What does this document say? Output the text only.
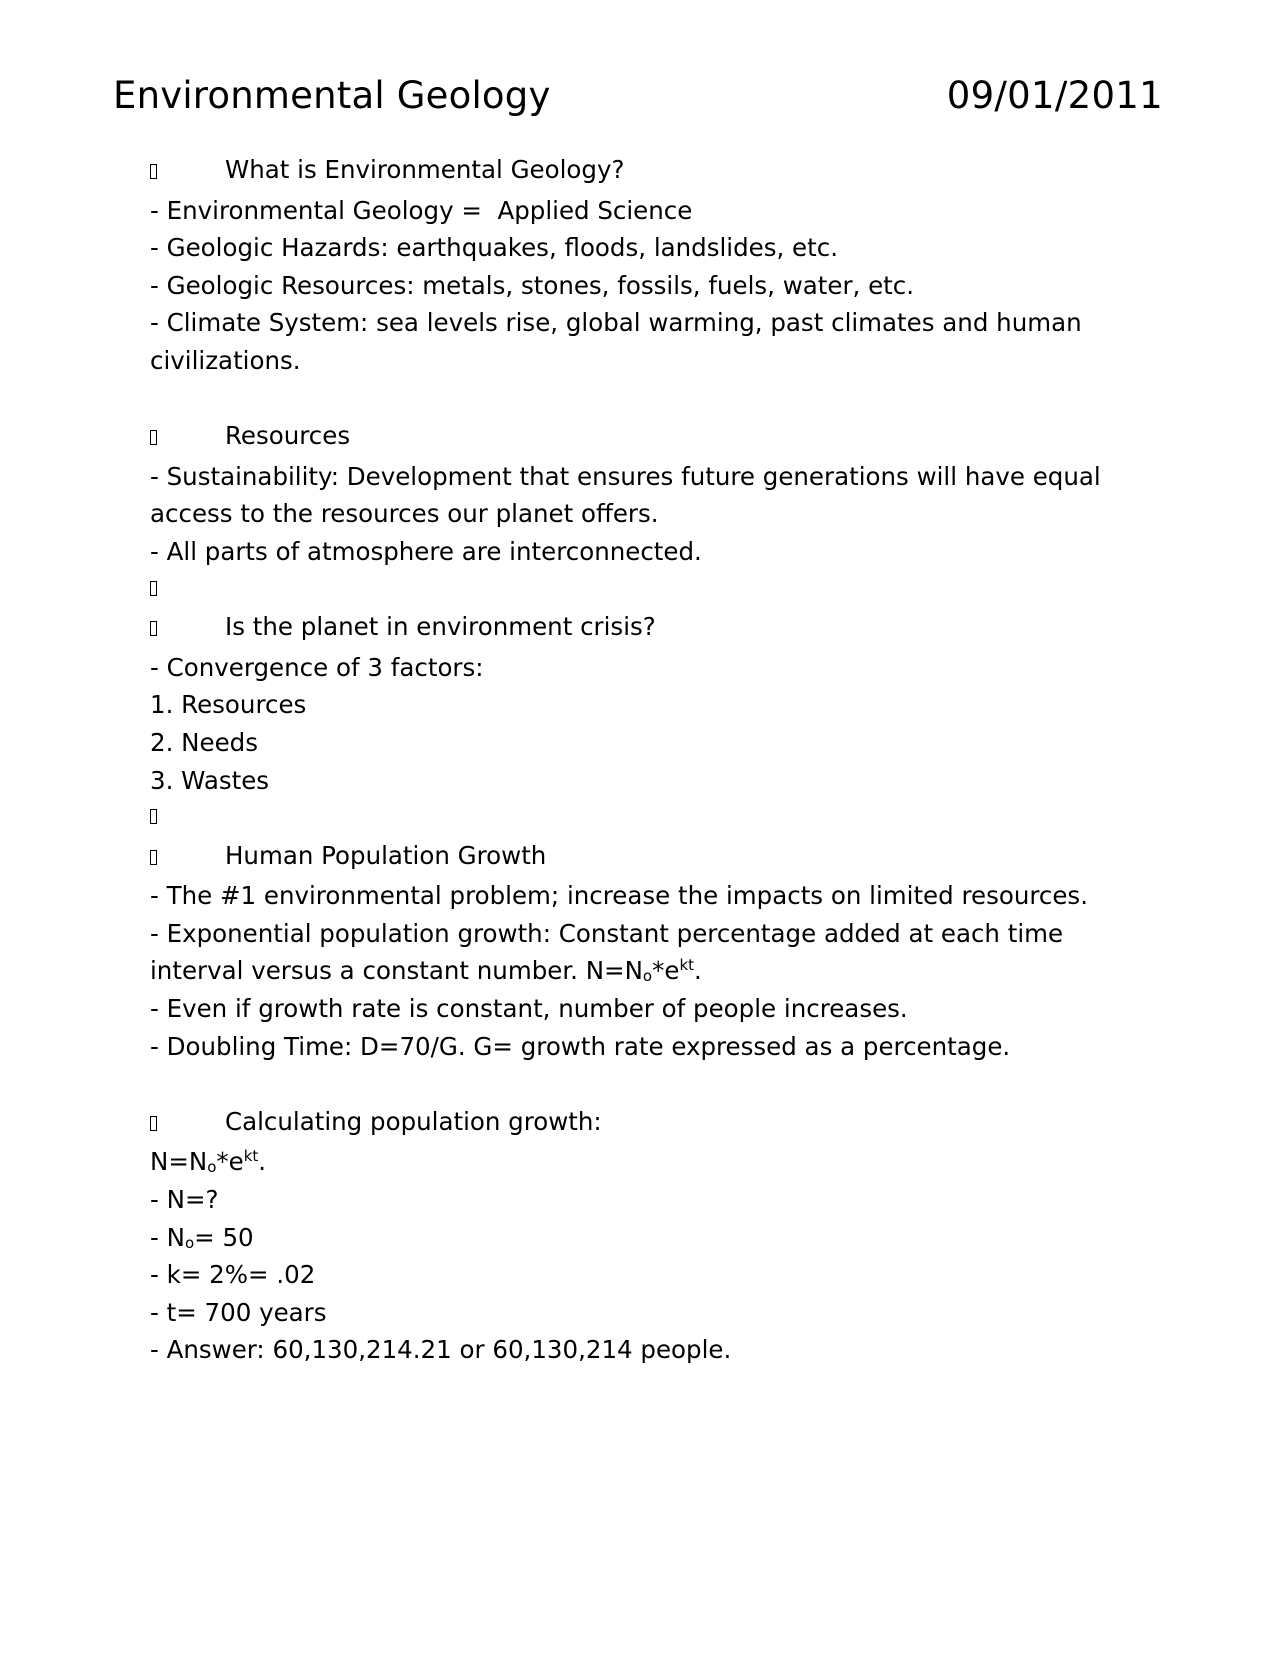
Environmental Geology	09/01/2011
What is Environmental Geology?
- Environmental Geology =  Applied Science
- Geologic Hazards: earthquakes, floods, landslides, etc.
- Geologic Resources: metals, stones, fossils, fuels, water, etc.
- Climate System: sea levels rise, global warming, past climates and human civilizations.
Resources
- Sustainability: Development that ensures future generations will have equal access to the resources our planet offers.
- All parts of atmosphere are interconnected.
Is the planet in environment crisis?
- Convergence of 3 factors:
1. Resources
2. Needs
3. Wastes
Human Population Growth
- The #1 environmental problem; increase the impacts on limited resources.
- Exponential population growth: Constant percentage added at each time interval versus a constant number. $N=N_o*e^{kt}$.
- Even if growth rate is constant, number of people increases.
- Doubling Time: D=70/G. G= growth rate expressed as a percentage.
Calculating population growth:
$N=N_o*e^{kt}$.
- N=?
- $N_o= 50$
- k= 2%= .02
- t= 700 years
- Answer: 60,130,214.21 or 60,130,214 people.
